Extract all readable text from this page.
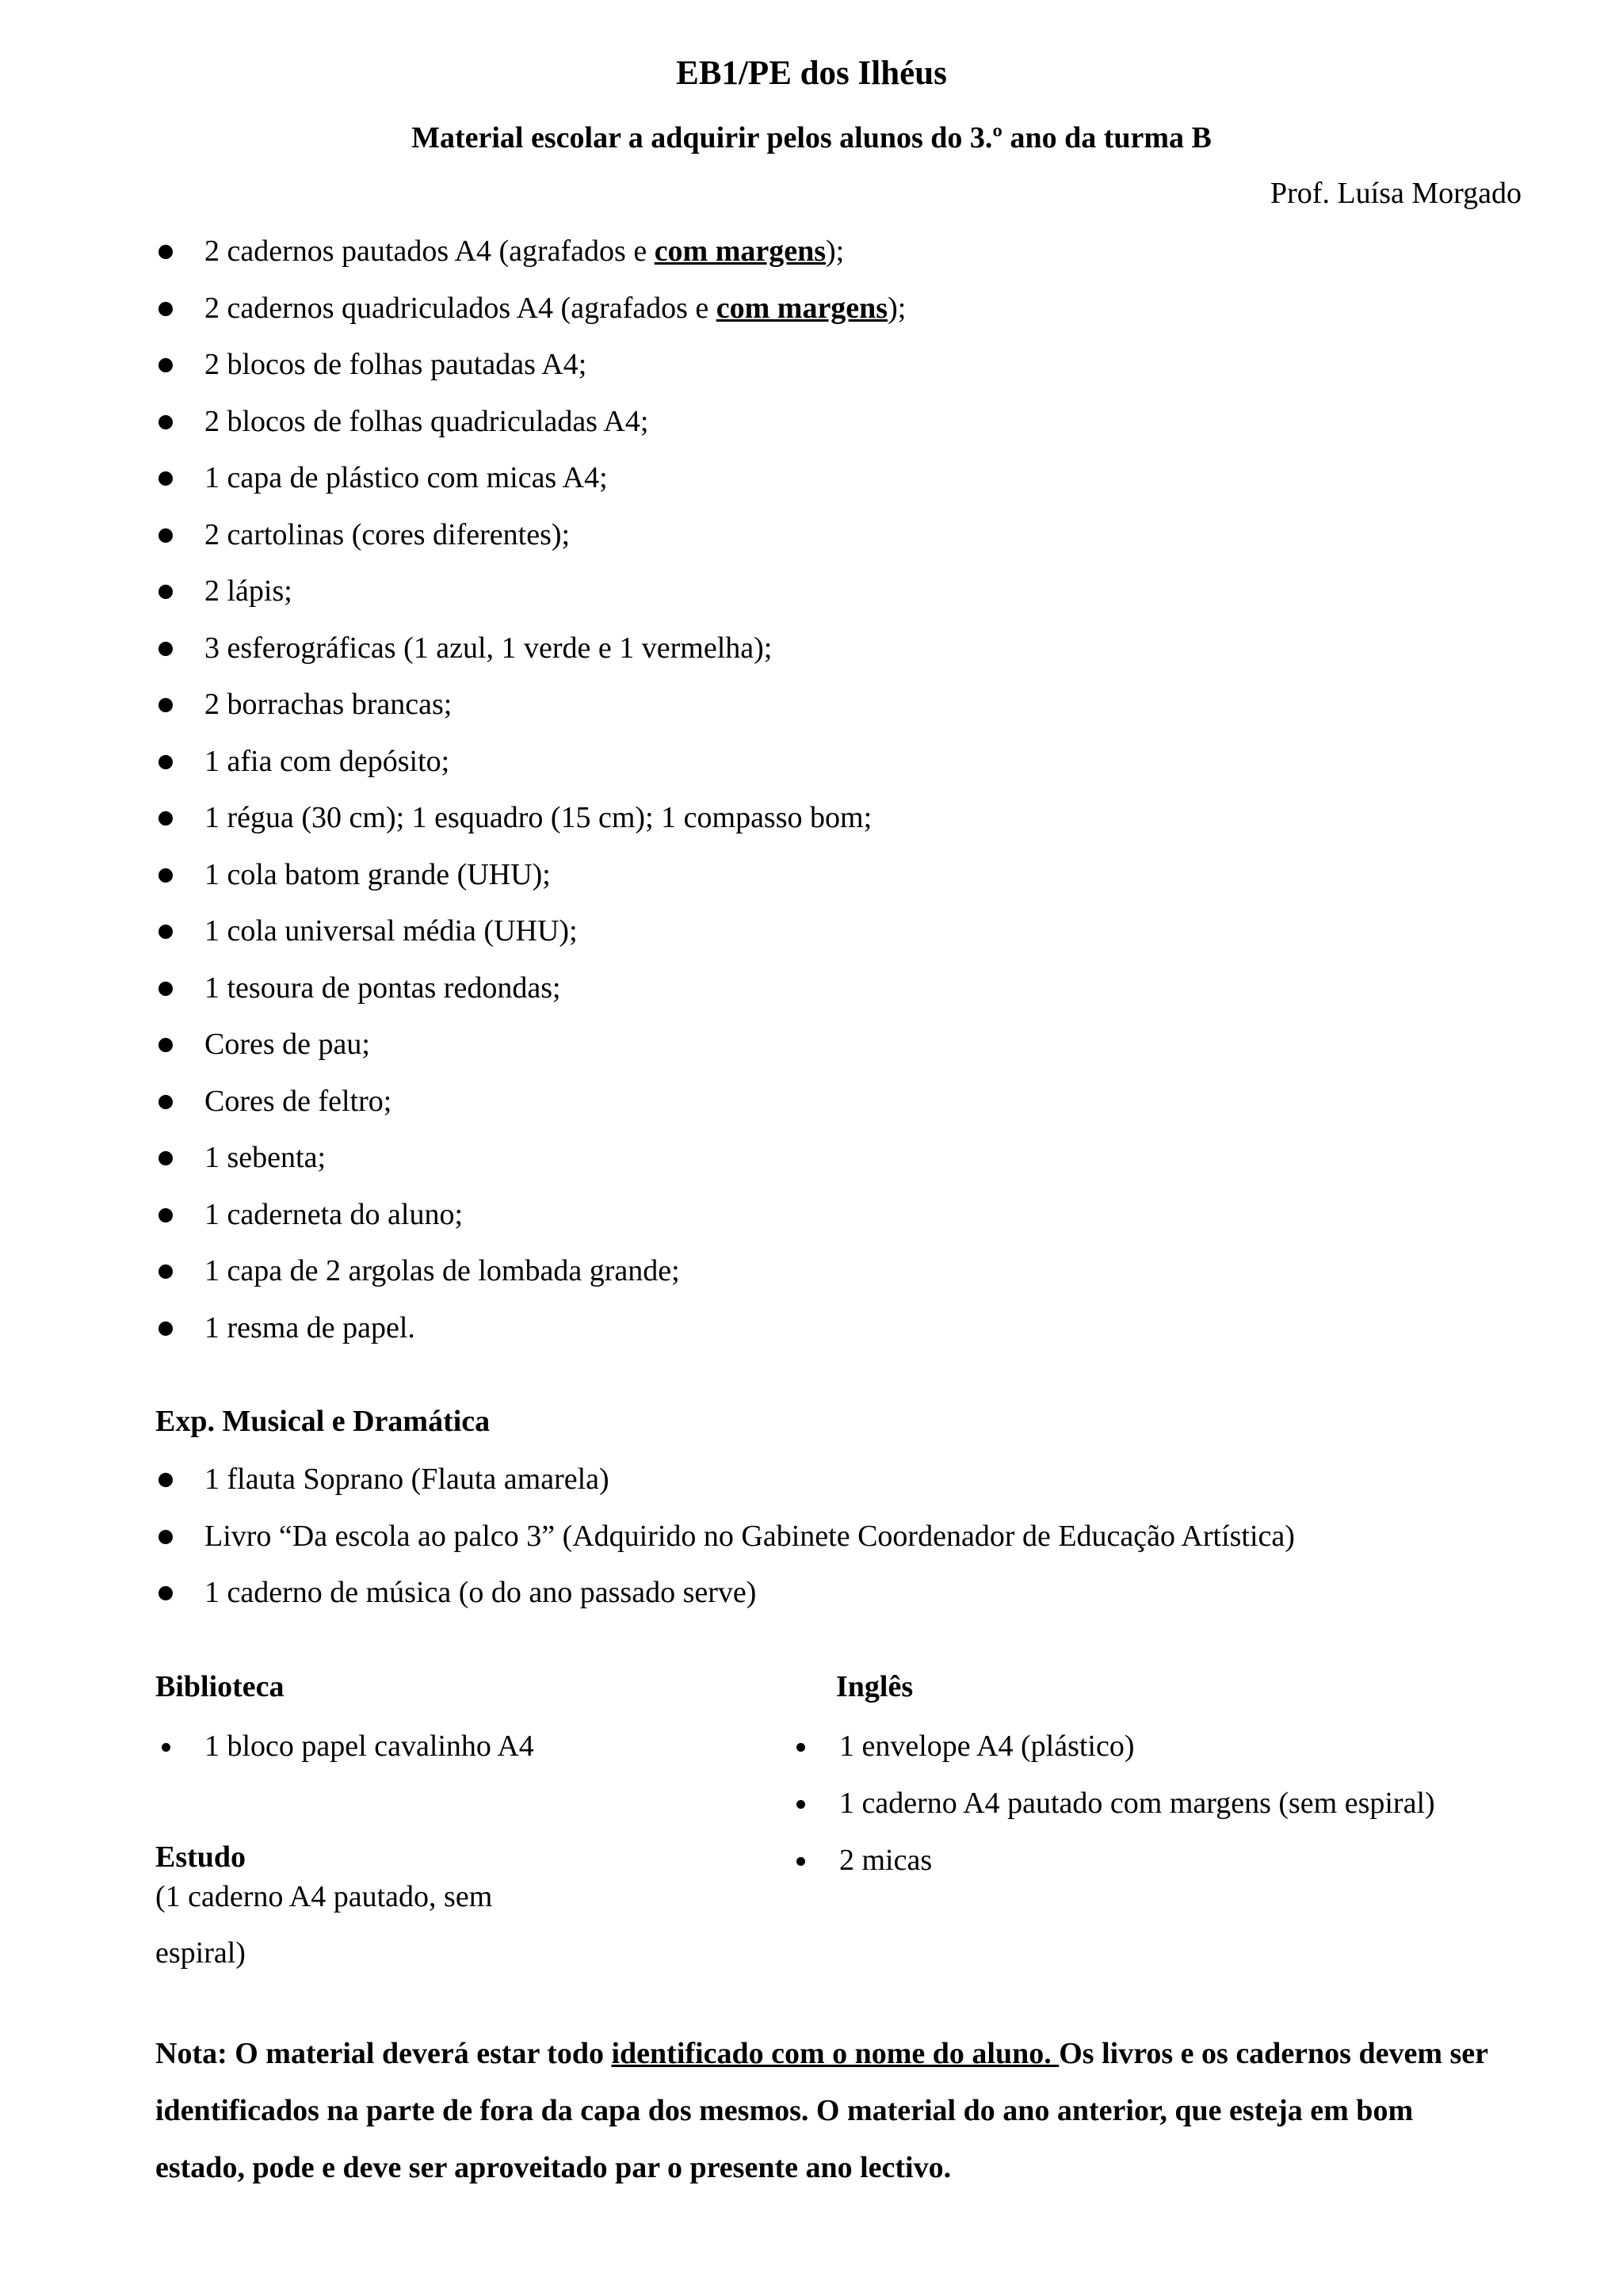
EB1/PE dos Ilhéus
Material escolar a adquirir pelos alunos do 3.º ano da turma B
Prof. Luísa Morgado
2 cadernos pautados A4 (agrafados e com margens);
2 cadernos quadriculados A4 (agrafados e com margens);
2 blocos de folhas pautadas A4;
2 blocos de folhas quadriculadas A4;
1 capa de plástico com micas A4;
2 cartolinas (cores diferentes);
2 lápis;
3 esferográficas (1 azul, 1 verde e 1 vermelha);
2 borrachas brancas;
1 afia com depósito;
1 régua (30 cm); 1 esquadro (15 cm); 1 compasso bom;
1 cola batom grande (UHU);
1 cola universal média (UHU);
1 tesoura de pontas redondas;
Cores de pau;
Cores de feltro;
1 sebenta;
1 caderneta do aluno;
1 capa de 2 argolas de lombada grande;
1 resma de papel.
Exp. Musical e Dramática
1 flauta Soprano (Flauta amarela)
Livro “Da escola ao palco 3” (Adquirido no Gabinete Coordenador de Educação Artística)
1 caderno de música (o do ano passado serve)
Biblioteca
1 bloco papel cavalinho A4
Inglês
1 envelope A4 (plástico)
1 caderno A4 pautado com margens (sem espiral)
2 micas
Estudo
(1 caderno A4 pautado, sem
espiral)
Nota: O material deverá estar todo identificado com o nome do aluno. Os livros e os cadernos devem ser identificados na parte de fora da capa dos mesmos. O material do ano anterior, que esteja em bom estado, pode e deve ser aproveitado par o presente ano lectivo.
